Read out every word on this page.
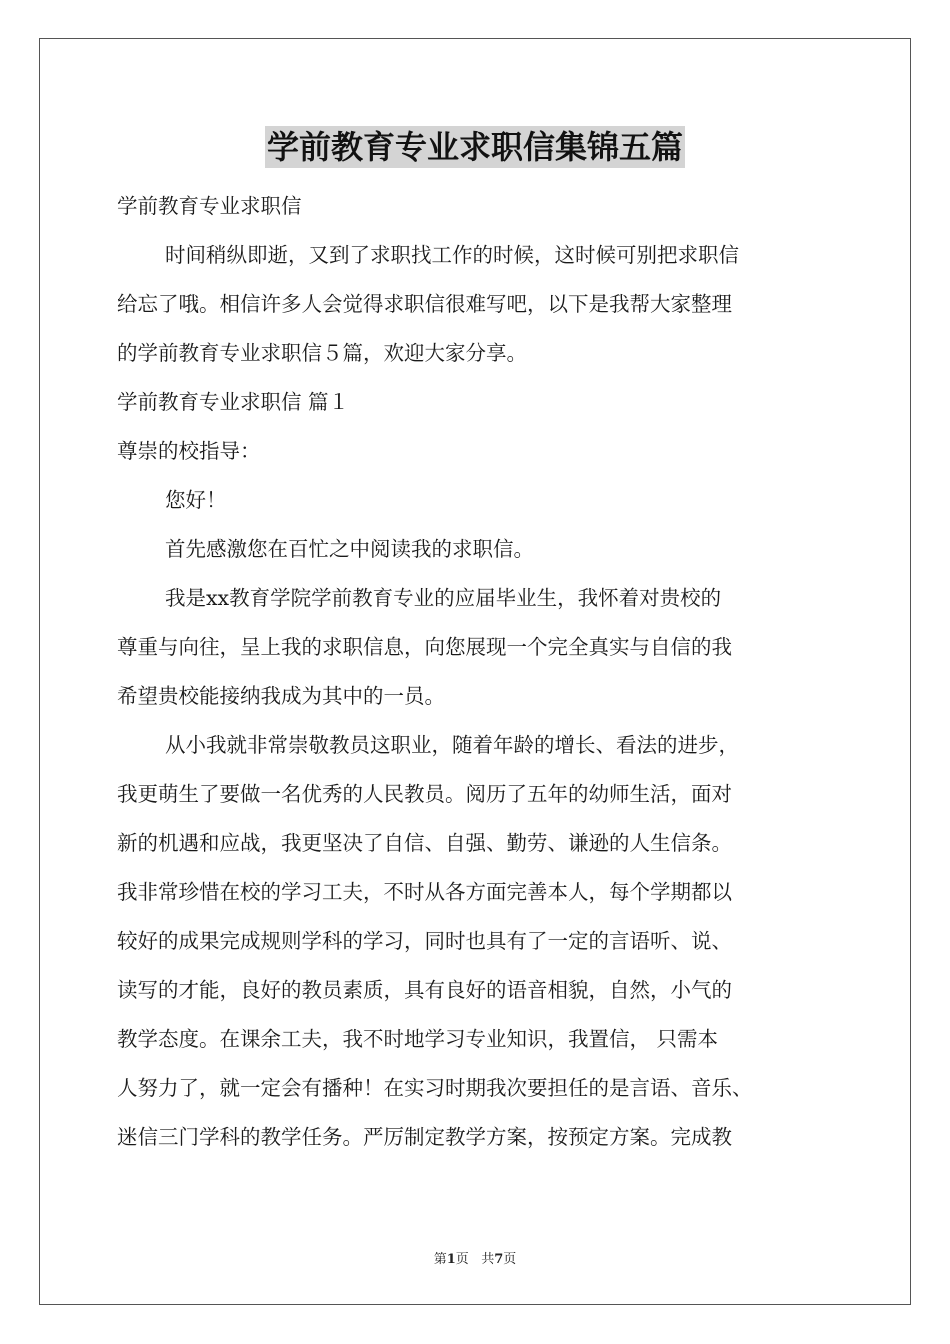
学前教育专业求职信集锦五篇

学前教育专业求职信

时间稍纵即逝，又到了求职找工作的时候，这时候可别把求职信

给忘了哦。相信许多人会觉得求职信很难写吧，以下是我帮大家整理

的学前教育专业求职信５篇，欢迎大家分享。

学前教育专业求职信 篇１

尊崇的校指导：

您好！

首先感激您在百忙之中阅读我的求职信。

我是xx教育学院学前教育专业的应届毕业生，我怀着对贵校的

尊重与向往，呈上我的求职信息，向您展现一个完全真实与自信的我

希望贵校能接纳我成为其中的一员。

从小我就非常崇敬教员这职业，随着年龄的增长、看法的进步，

我更萌生了要做一名优秀的人民教员。阅历了五年的幼师生活，面对

新的机遇和应战，我更坚决了自信、自强、勤劳、谦逊的人生信条。

我非常珍惜在校的学习工夫，不时从各方面完善本人，每个学期都以

较好的成果完成规则学科的学习，同时也具有了一定的言语听、说、

读写的才能，良好的教员素质，具有良好的语音相貌，自然，小气的

教学态度。在课余工夫，我不时地学习专业知识，我置信， 只需本

人努力了，就一定会有播种！在实习时期我次要担任的是言语、音乐、

迷信三门学科的教学任务。严厉制定教学方案，按预定方案。完成教

第1页 共7页
